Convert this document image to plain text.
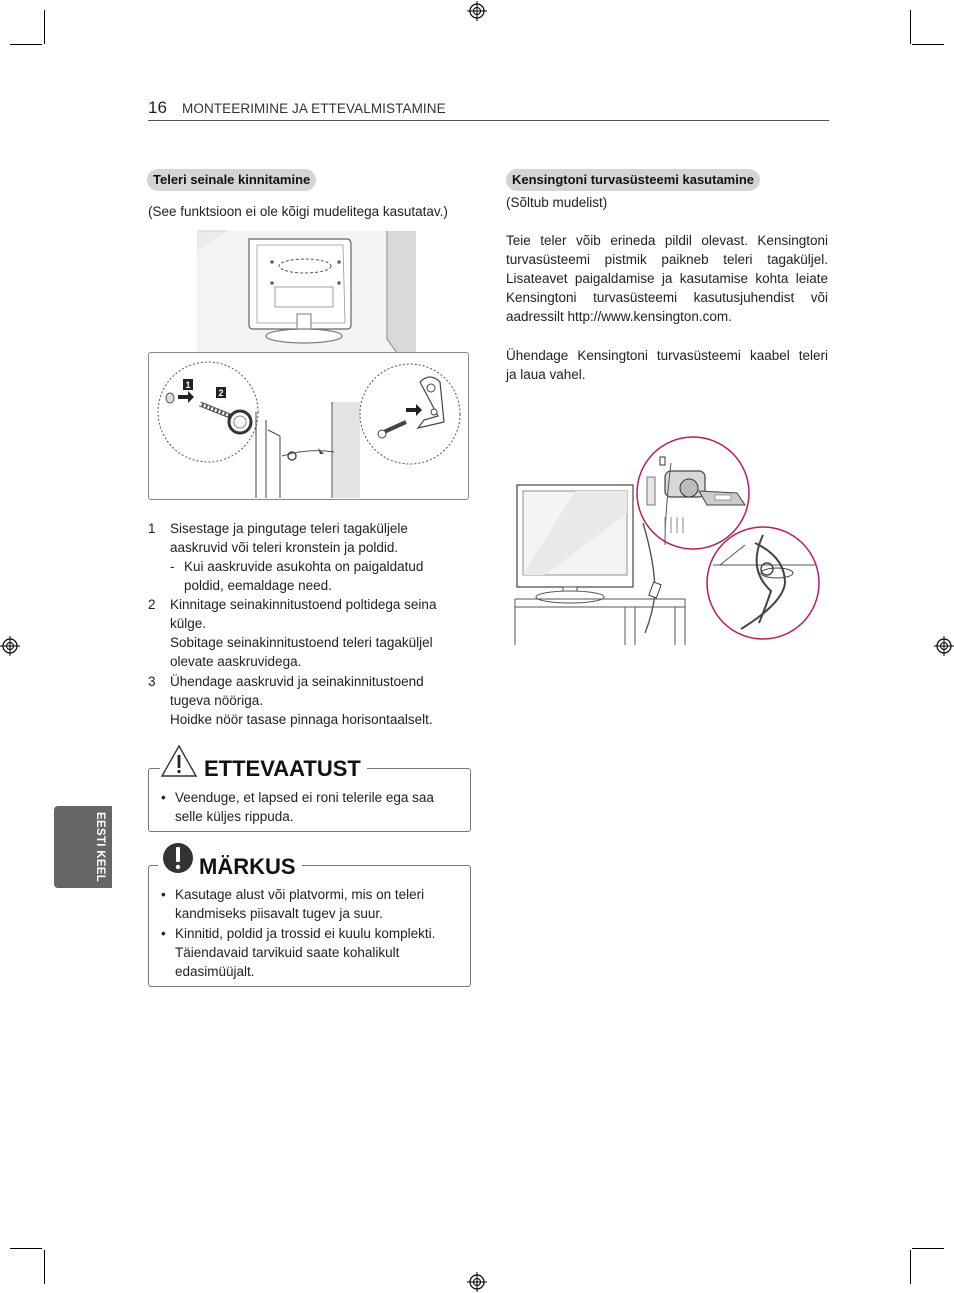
16 MONTEERIMINE JA ETTEVALMISTAMINE
EESTI KEEL
Teleri seinale kinnitamine
(See funktsioon ei ole kõigi mudelitega kasutatav.)
1
2
1 Sisestage ja pingutage teleri tagaküljele
aaskruvid või teleri kronstein ja poldid.
- Kui aaskruvide asukohta on paigaldatud
poldid, eemaldage need.
2 Kinnitage seinakinnitustoend poltidega seina
külge.
Sobitage seinakinnitustoend teleri tagaküljel
olevate aaskruvidega.
3 Ühendage aaskruvid ja seinakinnitustoend
tugeva nööriga.
Hoidke nöör tasase pinnaga horisontaalselt.
ETTEVAATUST
• Veenduge, et lapsed ei roni telerile ega saa
selle küljes rippuda.
MÄRKUS
• Kasutage alust või platvormi, mis on teleri
kandmiseks piisavalt tugev ja suur.
• Kinnitid, poldid ja trossid ei kuulu komplekti.
Täiendavaid tarvikuid saate kohalikult
edasimüüjalt.
Kensingtoni turvasüsteemi kasutamine
(Sõltub mudelist)
Teie teler võib erineda pildil olevast. Kensingtoni
turvasüsteemi pistmik paikneb teleri tagaküljel.
Lisateavet paigaldamise ja kasutamise kohta leiate
Kensingtoni turvasüsteemi kasutusjuhendist või
aadressilt http://www.kensington.com.
Ühendage Kensingtoni turvasüsteemi kaabel teleri
ja laua vahel.
